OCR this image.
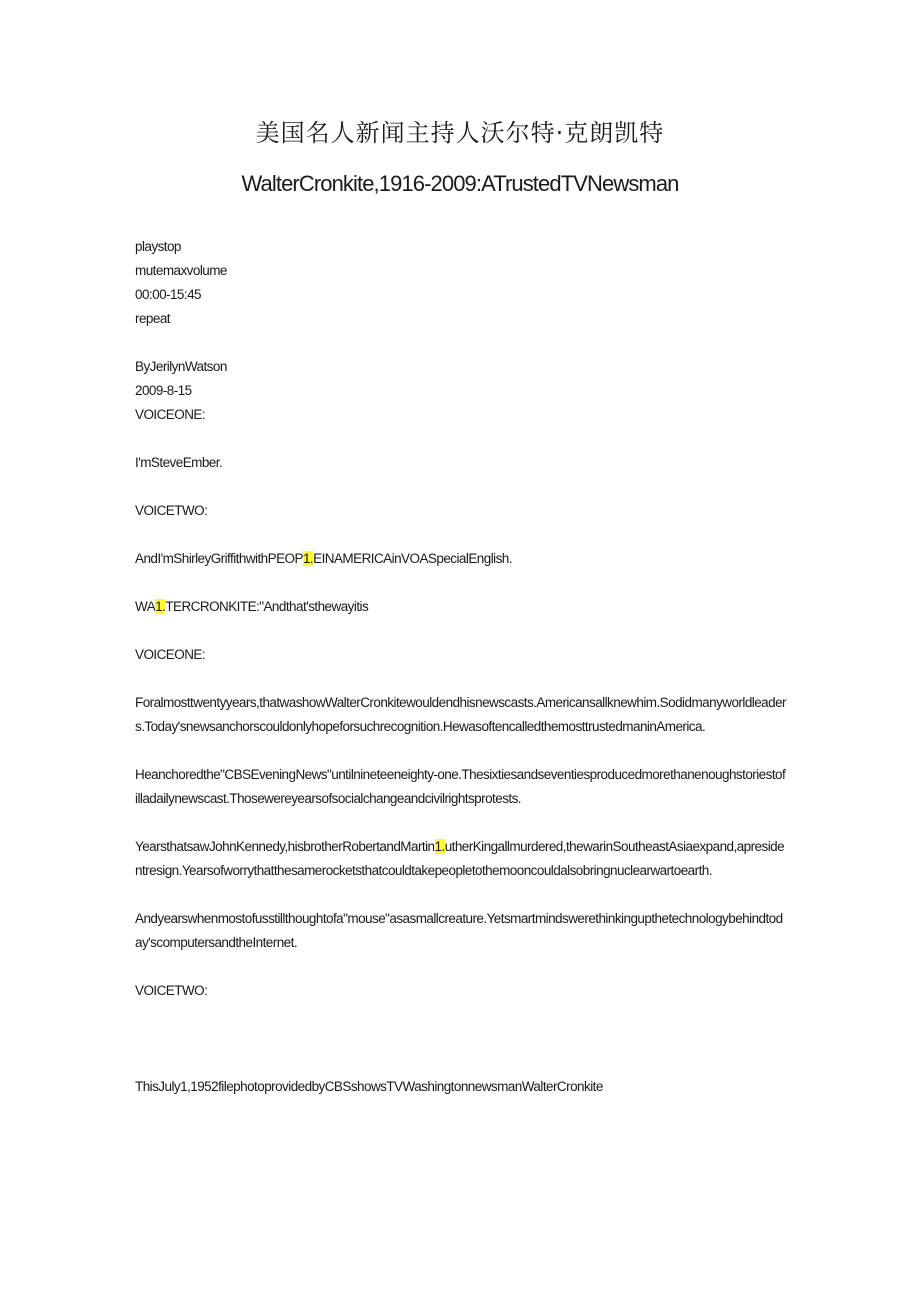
美国名人新闻主持人沃尔特·克朗凯特
WalterCronkite,1916-2009:ATrustedTVNewsman
playstop
mutemaxvolume
00:00-15:45
repeat
ByJerilynWatson
2009-8-15
VOICEONE:
I'mSteveEmber.
VOICETWO:
AndI'mShirleyGriffithwithPEOP1.EINAMERICAinVOASpecialEnglish.
WA1.TERCRONKITE:"Andthat'sthewayitis
VOICEONE:
Foralmosttwentyyears,thatwashowWalterCronkitewouldendhisnewscasts.Americansallknewhim.Sodidmanyworldleaders.Today'snewsanchorscouldonlyhopeforsuchrecognition.HewasoftencalledthemosttrustedmaninAmerica.
Heanchoredthe"CBSEveningNews"untilnineteeneighty-one.Thesixtiesandseventiesproducedmorethanenoughstoriestofilladailynewscast.Thosewereyearsofsocialchangeandcivilrightsprotests.
YearsthatsawJohnKennedy,hisbrotherRobertandMartin1.utherKingallmurdered,thewarinSoutheastAsiaexpand,apresidentresign.Yearsofworrythatthesamerocketsthatcouldtakepeopletothemooncouldalsobringnuclearwartoearth.
Andyearswhenmostofusstillthoughtofa"mouse"asasmallcreature.Yetsmartmindswerethinkingupthetechnologybehindtoday'scomputersandtheInternet.
VOICETWO:
ThisJuly1,1952filephotoprovidedbyCBSshowsTVWashingtonnewsmanWalterCronkite
